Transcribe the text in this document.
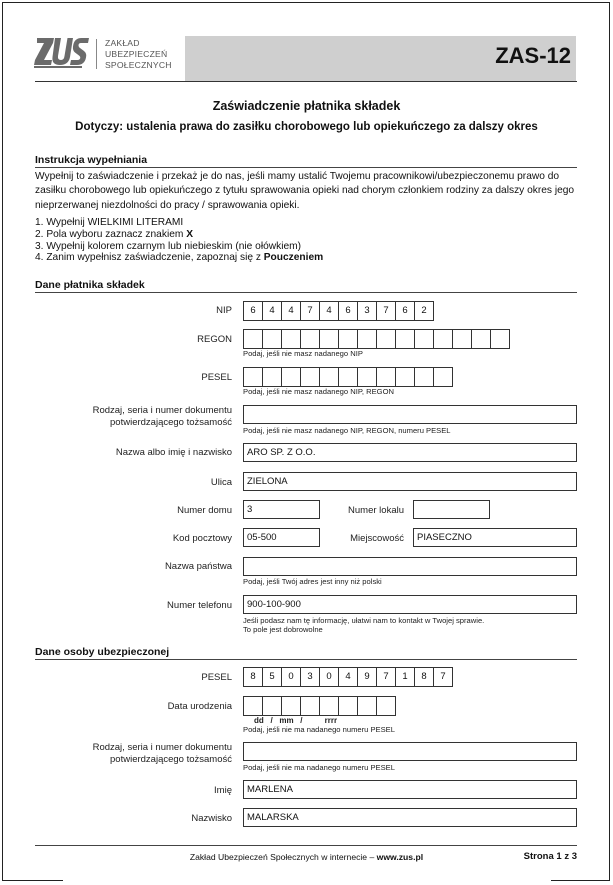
ZAKŁAD
UBEZPIECZEŃ
SPOŁECZNYCH	ZAS-12
Zaświadczenie płatnika składek
Dotyczy: ustalenia prawa do zasiłku chorobowego lub opiekuńczego za dalszy okres
Instrukcja wypełniania
Wypełnij to zaświadczenie i przekaż je do nas, jeśli mamy ustalić Twojemu pracownikowi/ubezpieczonemu prawo do zasiłku chorobowego lub opiekuńczego z tytułu sprawowania opieki nad chorym członkiem rodziny za dalszy okres jego nieprzerwanej niezdolności do pracy / sprawowania opieki.
1. Wypełnij WIELKIMI LITERAMI
2. Pola wyboru zaznacz znakiem X
3. Wypełnij kolorem czarnym lub niebieskim (nie ołówkiem)
4. Zanim wypełnisz zaświadczenie, zapoznaj się z Pouczeniem
Dane płatnika składek
NIP	6	4	4	7	4	6	3	7	6	2
REGON
Podaj, jeśli nie masz nadanego NIP
PESEL
Podaj, jeśli nie masz nadanego NIP, REGON
Rodzaj, seria i numer dokumentu
potwierdzającego tożsamość
Podaj, jeśli nie masz nadanego NIP, REGON, numeru PESEL
Nazwa albo imię i nazwisko	ARO SP. Z O.O.
Ulica	ZIELONA
Numer domu	3	Numer lokalu
Kod pocztowy	05-500	Miejscowość	PIASECZNO
Nazwa państwa
Podaj, jeśli Twój adres jest inny niż polski
Numer telefonu	900-100-900
Jeśli podasz nam tę informację, ułatwi nam to kontakt w Twojej sprawie.
To pole jest dobrowolne
Dane osoby ubezpieczonej
PESEL	8	5	0	3	0	4	9	7	1	8	7
Data urodzenia
dd   /   mm   /          rrrr
Podaj, jeśli nie ma nadanego numeru PESEL
Rodzaj, seria i numer dokumentu
potwierdzającego tożsamość
Podaj, jeśli nie ma nadanego numeru PESEL
Imię	MARLENA
Nazwisko	MALARSKA
Zakład Ubezpieczeń Społecznych w internecie – www.zus.pl	Strona 1 z 3
